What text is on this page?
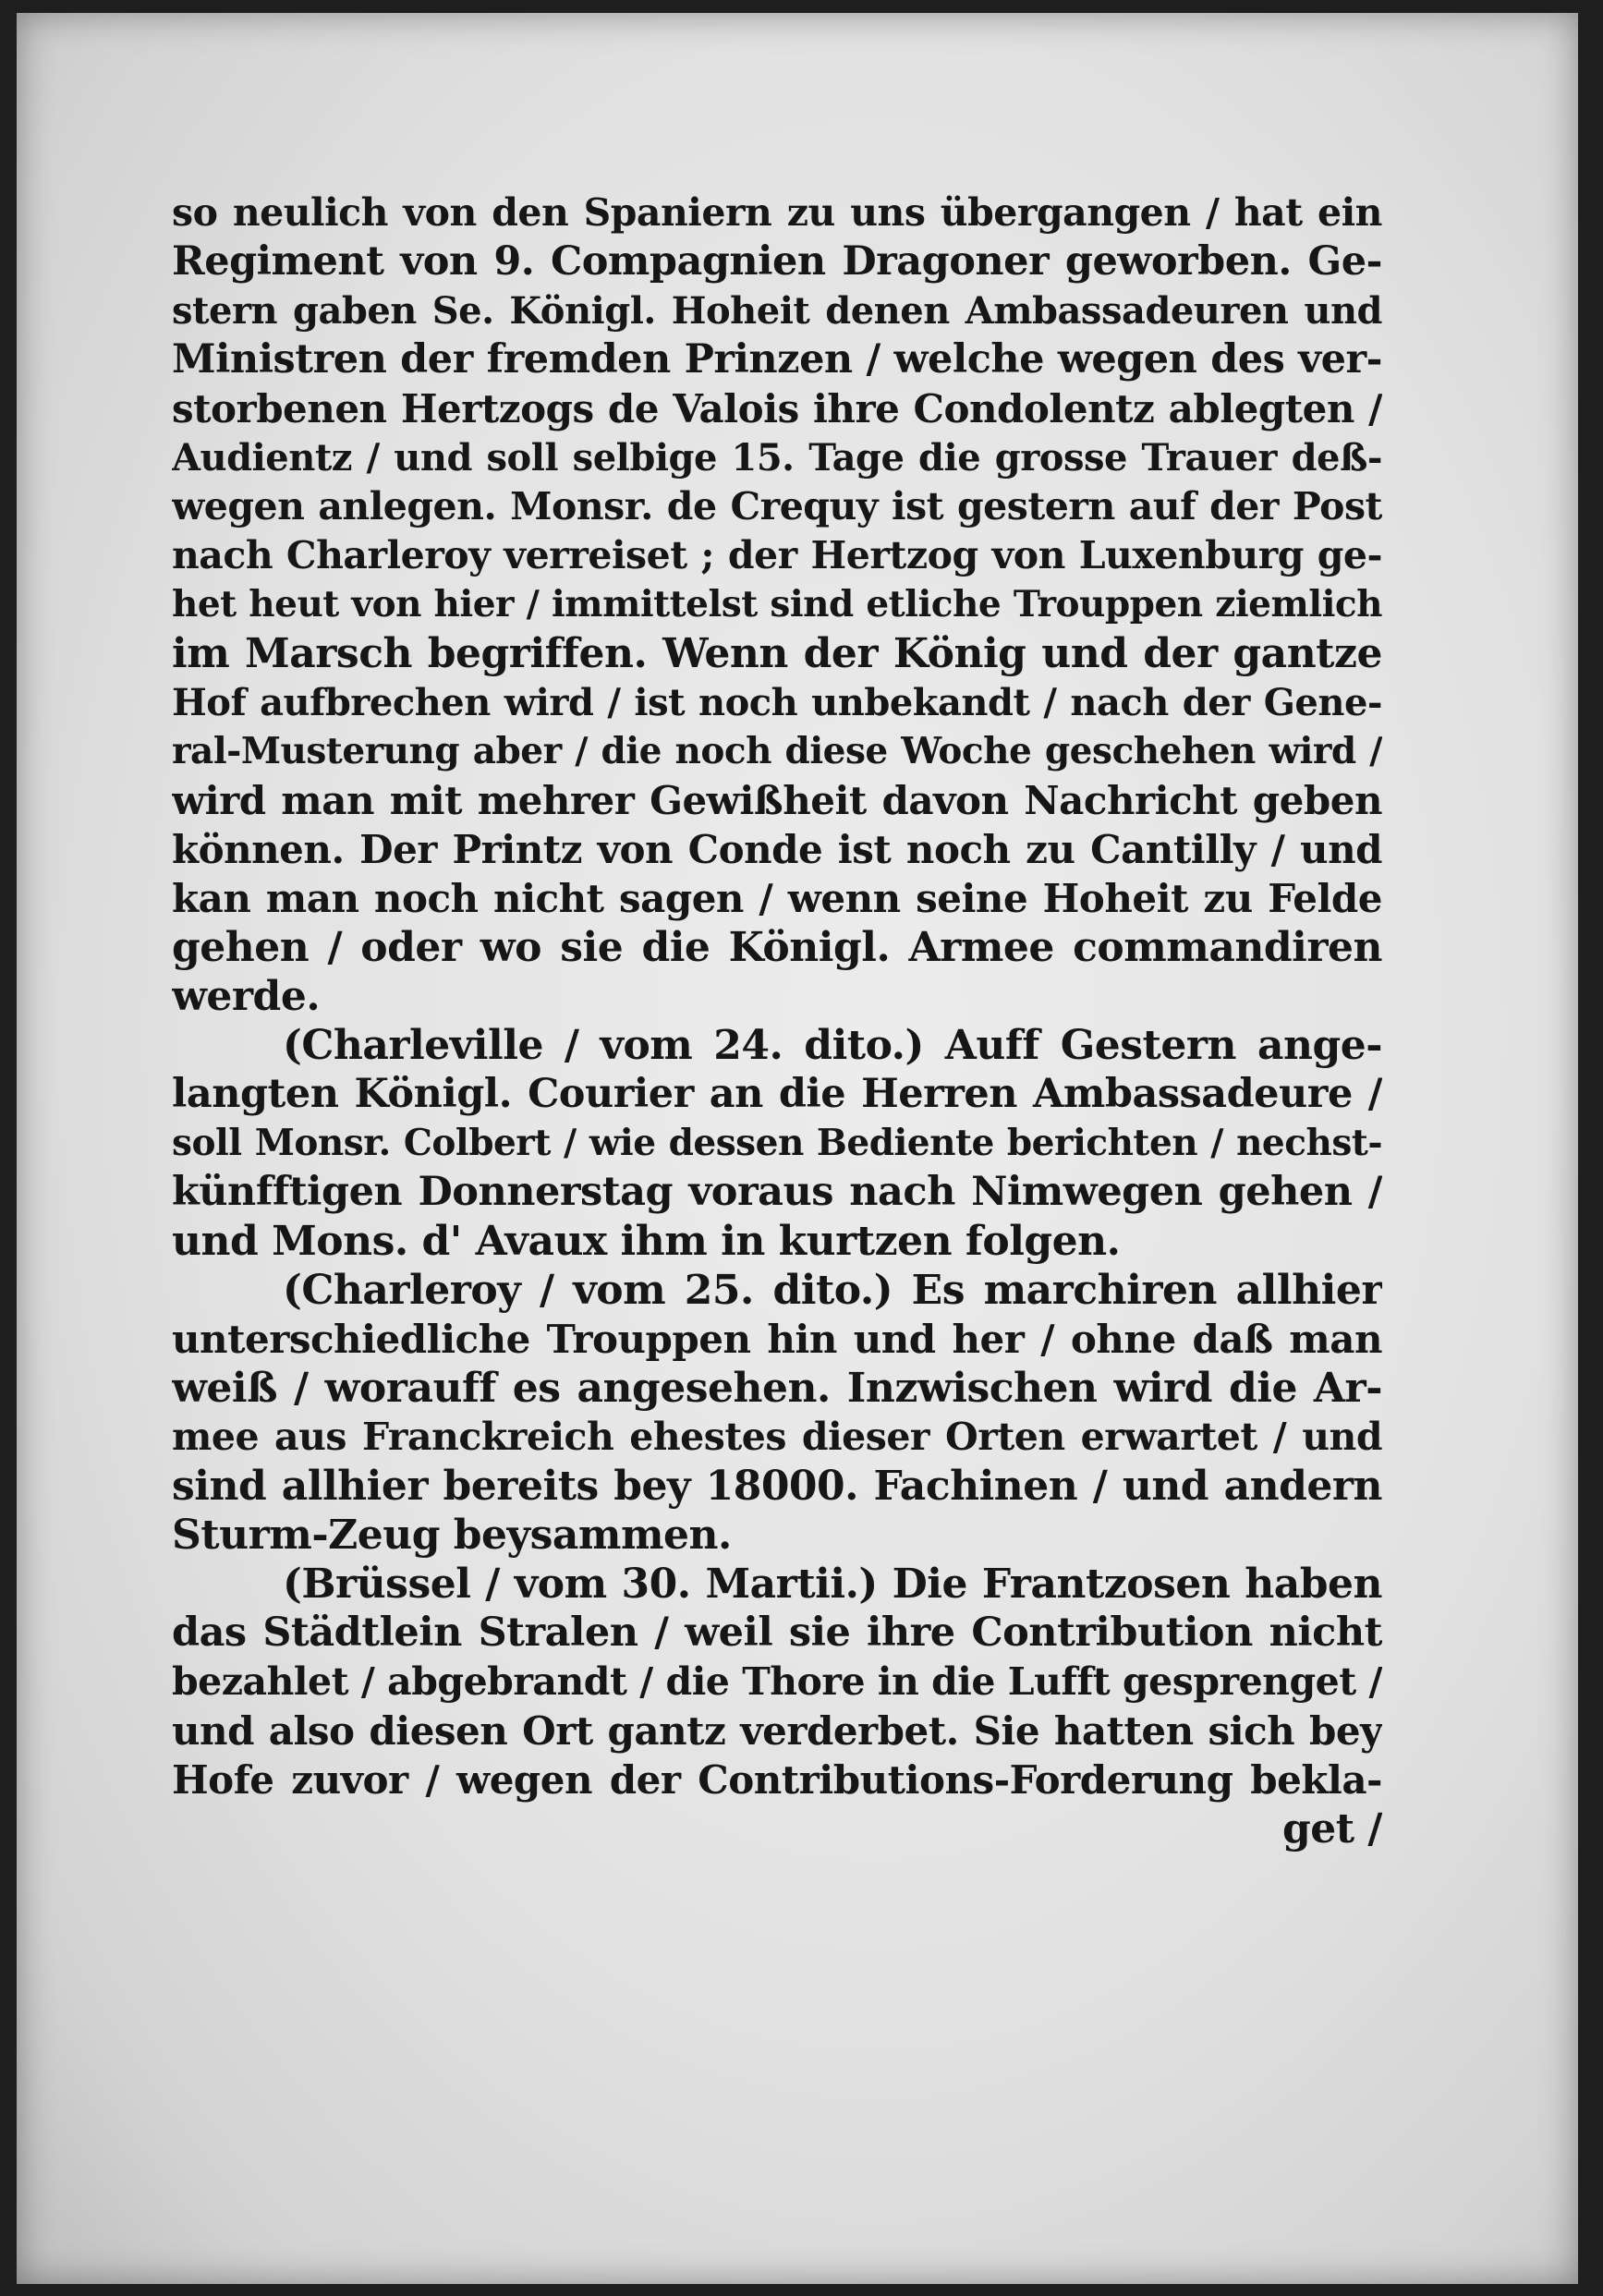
so neulich von den Spaniern zu uns übergangen / hat ein
Regiment von 9. Compagnien Dragoner geworben. Ge-
stern gaben Se. Königl. Hoheit denen Ambassadeuren und
Ministren der fremden Prinzen / welche wegen des ver-
storbenen Hertzogs de Valois ihre Condolentz ablegten /
Audientz / und soll selbige 15. Tage die grosse Trauer deß-
wegen anlegen. Monsr. de Crequy ist gestern auf der Post
nach Charleroy verreiset ; der Hertzog von Luxenburg ge-
het heut von hier / immittelst sind etliche Trouppen ziemlich
im Marsch begriffen. Wenn der König und der gantze
Hof aufbrechen wird / ist noch unbekandt / nach der Gene-
ral-Musterung aber / die noch diese Woche geschehen wird /
wird man mit mehrer Gewißheit davon Nachricht geben
können. Der Printz von Conde ist noch zu Cantilly / und
kan man noch nicht sagen / wenn seine Hoheit zu Felde
gehen / oder wo sie die Königl. Armee commandiren
werde.
(Charleville / vom 24. dito.) Auff Gestern ange-
langten Königl. Courier an die Herren Ambassadeure /
soll Monsr. Colbert / wie dessen Bediente berichten / nechst-
künfftigen Donnerstag voraus nach Nimwegen gehen /
und Mons. d' Avaux ihm in kurtzen folgen.
(Charleroy / vom 25. dito.) Es marchiren allhier
unterschiedliche Trouppen hin und her / ohne daß man
weiß / worauff es angesehen. Inzwischen wird die Ar-
mee aus Franckreich ehestes dieser Orten erwartet / und
sind allhier bereits bey 18000. Fachinen / und andern
Sturm-Zeug beysammen.
(Brüssel / vom 30. Martii.) Die Frantzosen haben
das Städtlein Stralen / weil sie ihre Contribution nicht
bezahlet / abgebrandt / die Thore in die Lufft gesprenget /
und also diesen Ort gantz verderbet. Sie hatten sich bey
Hofe zuvor / wegen der Contributions-Forderung bekla-
get /
